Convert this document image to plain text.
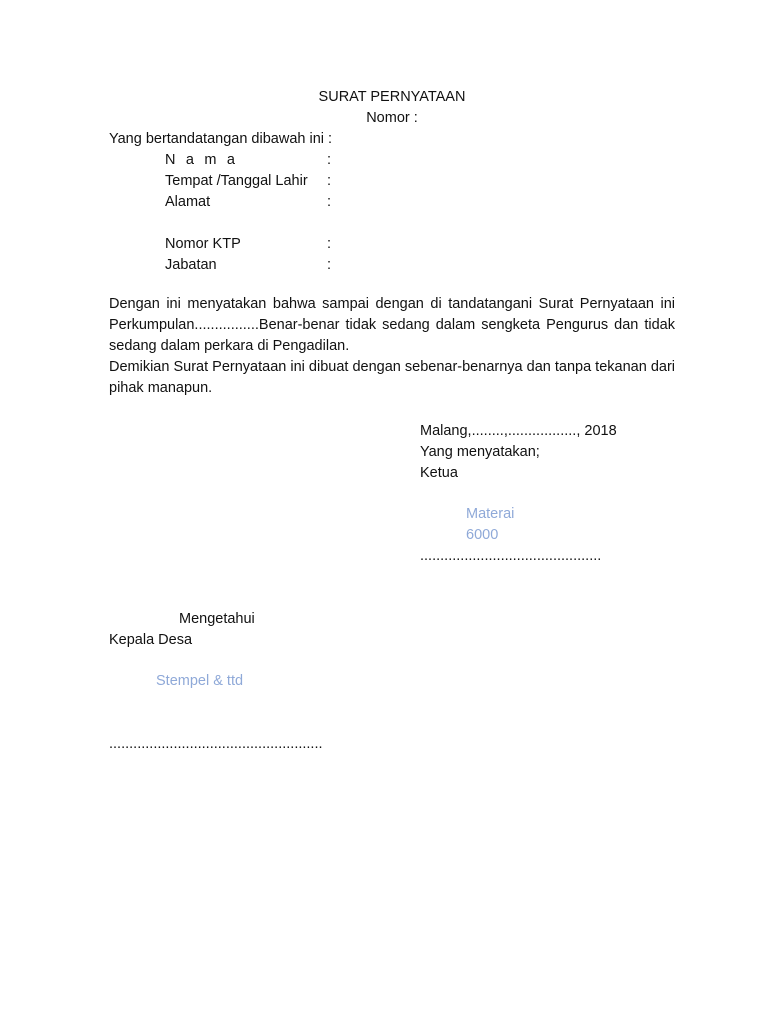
SURAT PERNYATAAN
Nomor :
Yang bertandatangan dibawah ini :
N a m a	:
Tempat /Tanggal Lahir :
Alamat	:
Nomor KTP	:
Jabatan	:
Dengan ini menyatakan bahwa sampai dengan di tandatangani Surat Pernyataan ini Perkumpulan................Benar-benar tidak sedang dalam sengketa Pengurus dan tidak sedang dalam perkara di Pengadilan.
Demikian Surat Pernyataan ini dibuat dengan sebenar-benarnya dan tanpa tekanan dari pihak manapun.
Malang,........,................., 2018
Yang menyatakan;
Ketua
Materai
6000
.............................................
Mengetahui
Kepala Desa
Stempel & ttd
.....................................................
